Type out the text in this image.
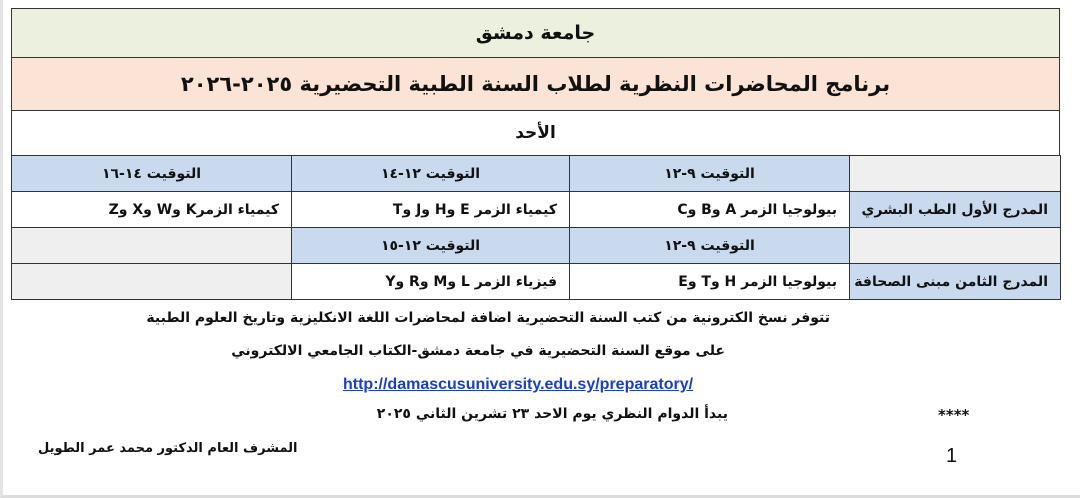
جامعة دمشق
برنامج المحاضرات النظرية لطلاب السنة الطبية التحضيرية ٢٠٢٥-٢٠٢٦
الأحد
	التوقيت ٩-١٢	التوقيت ١٢-١٤	التوقيت ١٤-١٦
المدرج الأول الطب البشري	بيولوجيا الزمر A وB وC	كيمياء الزمر E وH وJ وT	كيمياء الزمرK وW وX وZ
	التوقيت ٩-١٢	التوقيت ١٢-١٥	
المدرج الثامن مبنى الصحافة	بيولوجيا الزمر H وT وE	فيزياء الزمر L وM وR وY	
تتوفر نسخ الكترونية من كتب السنة التحضيرية اضافة لمحاضرات اللغة الانكليزية وتاريخ العلوم الطبية
على موقع السنة التحضيرية في جامعة دمشق-الكتاب الجامعي الالكتروني
http://damascusuniversity.edu.sy/preparatory/
يبدأ الدوام النظري يوم الاحد ٢٣ تشرين الثاني ٢٠٢٥	****
المشرف العام الدكتور محمد عمر الطويل	1
